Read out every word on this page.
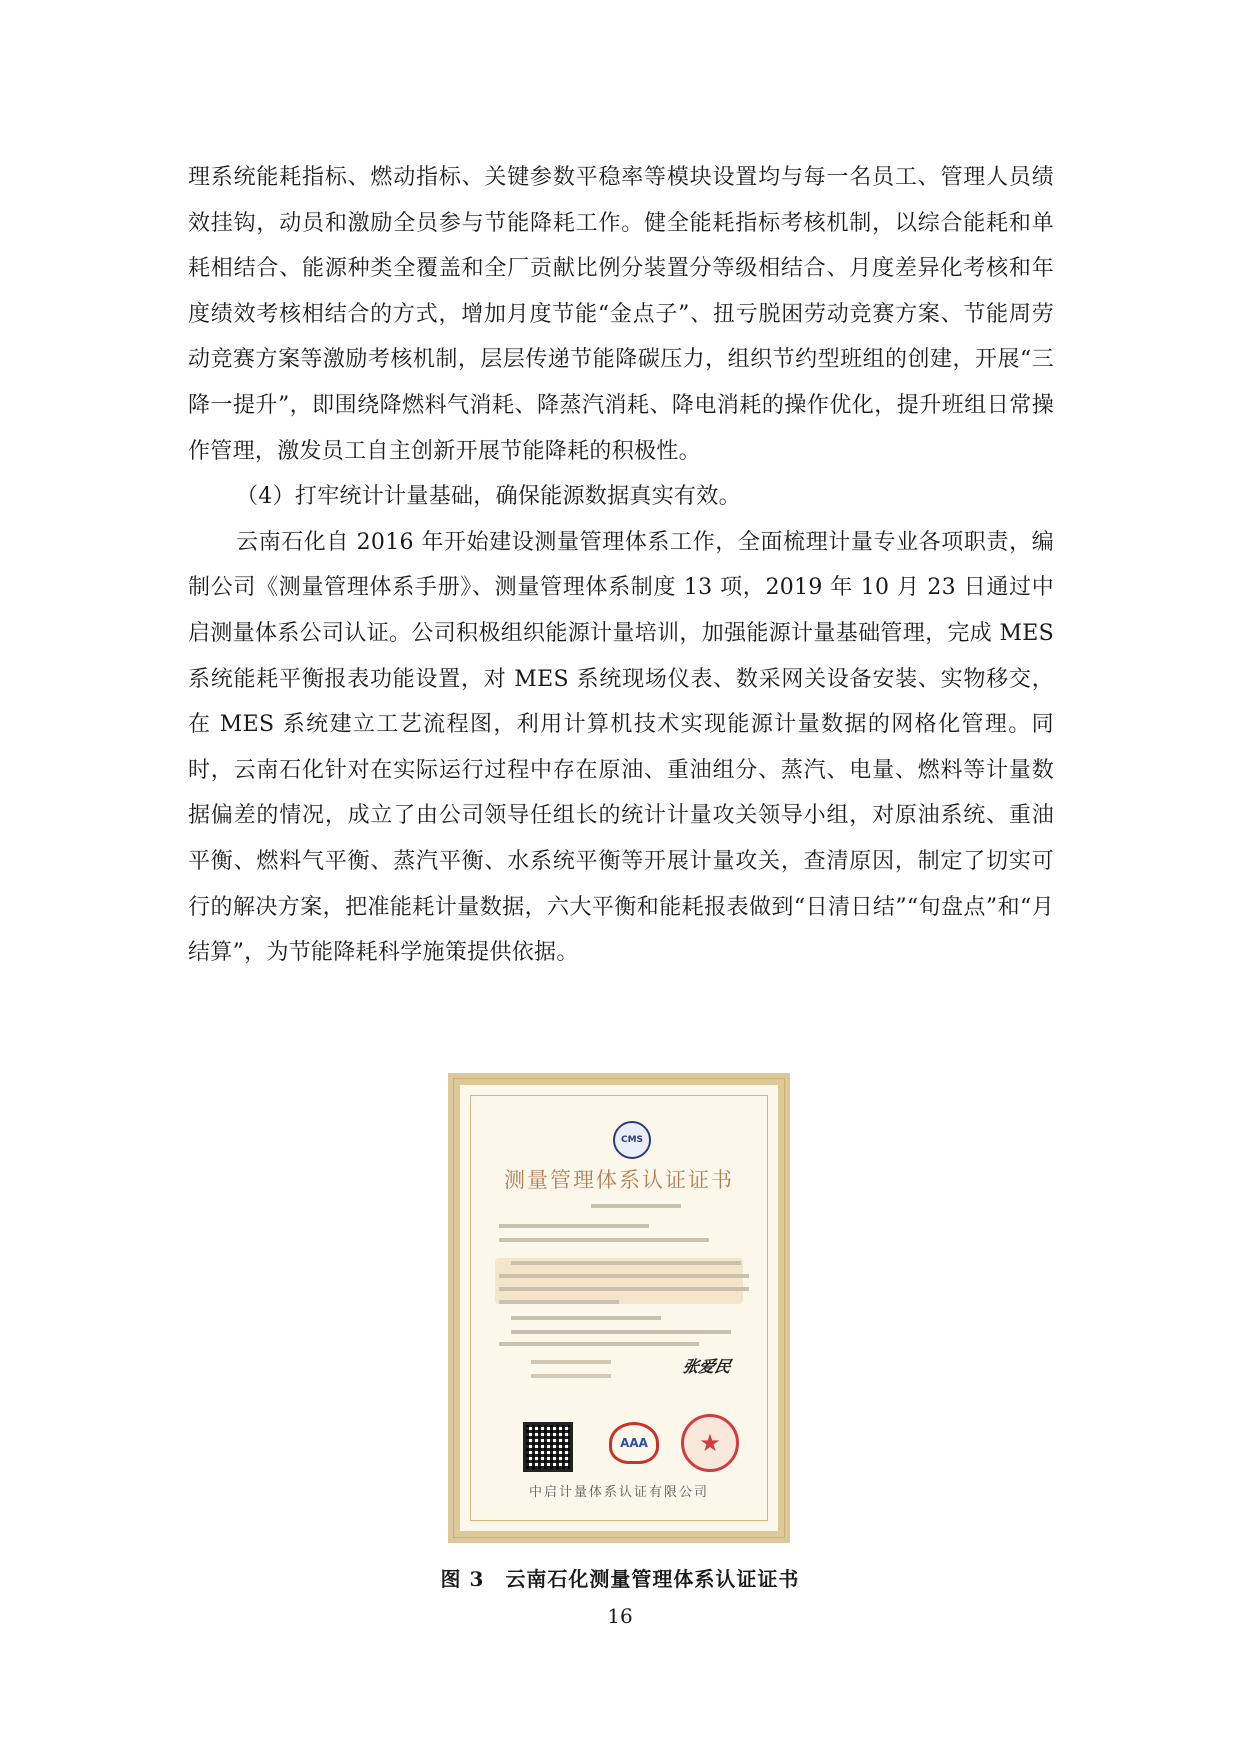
理系统能耗指标、燃动指标、关键参数平稳率等模块设置均与每一名员工、管理人员绩效挂钩，动员和激励全员参与节能降耗工作。健全能耗指标考核机制，以综合能耗和单耗相结合、能源种类全覆盖和全厂贡献比例分装置分等级相结合、月度差异化考核和年度绩效考核相结合的方式，增加月度节能“金点子”、扭亏脱困劳动竞赛方案、节能周劳动竞赛方案等激励考核机制，层层传递节能降碳压力，组织节约型班组的创建，开展“三降一提升”，即围绕降燃料气消耗、降蒸汽消耗、降电消耗的操作优化，提升班组日常操作管理，激发员工自主创新开展节能降耗的积极性。

（4）打牢统计计量基础，确保能源数据真实有效。

云南石化自 2016 年开始建设测量管理体系工作，全面梳理计量专业各项职责，编制公司《测量管理体系手册》、测量管理体系制度 13 项，2019 年 10 月 23 日通过中启测量体系公司认证。公司积极组织能源计量培训，加强能源计量基础管理，完成 MES 系统能耗平衡报表功能设置，对 MES 系统现场仪表、数采网关设备安装、实物移交，在 MES 系统建立工艺流程图，利用计算机技术实现能源计量数据的网格化管理。同时，云南石化针对在实际运行过程中存在原油、重油组分、蒸汽、电量、燃料等计量数据偏差的情况，成立了由公司领导任组长的统计计量攻关领导小组，对原油系统、重油平衡、燃料气平衡、蒸汽平衡、水系统平衡等开展计量攻关，查清原因，制定了切实可行的解决方案，把准能耗计量数据，六大平衡和能耗报表做到“日清日结”“旬盘点”和“月结算”，为节能降耗科学施策提供依据。

CMS
测量管理体系认证证书
张爱民
AAA	★
中启计量体系认证有限公司
图 3　云南石化测量管理体系认证证书
16
